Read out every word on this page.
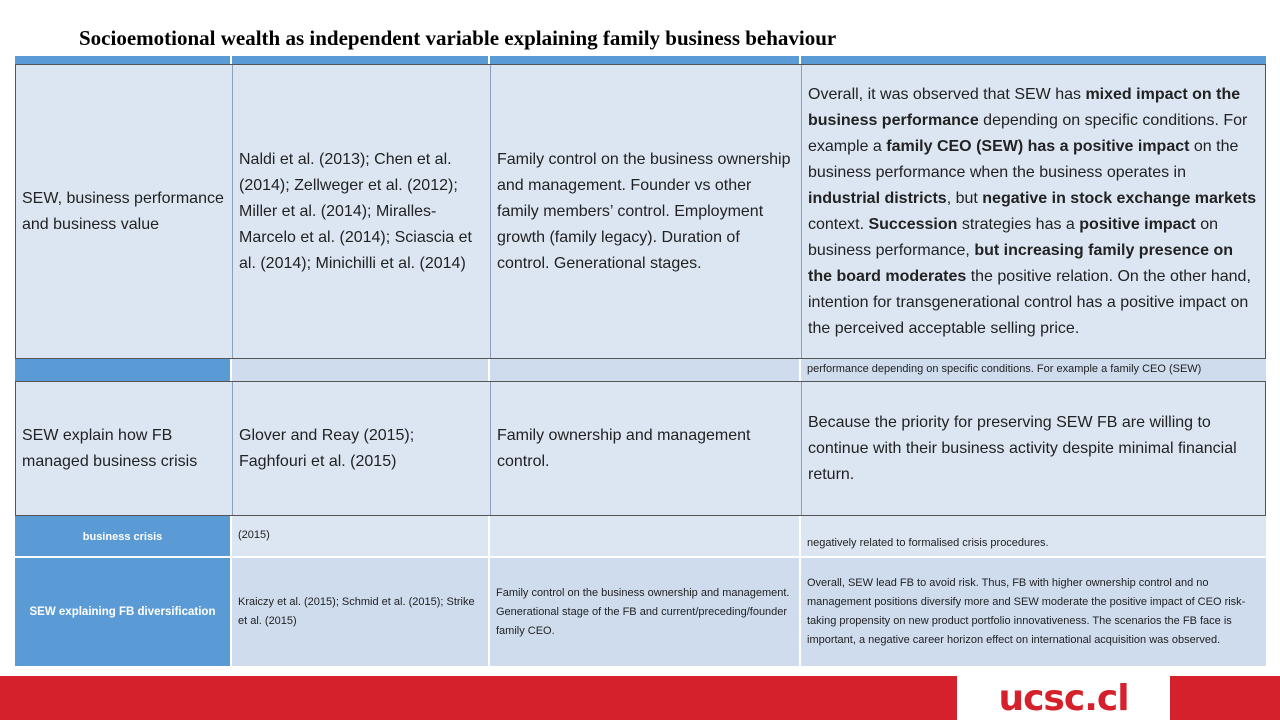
Socioemotional wealth as independent variable explaining family business behaviour

performance depending on specific conditions. For example a family CEO (SEW)

business crisis	(2015)

negatively related to formalised crisis procedures.

SEW explaining FB diversification

Kraiczy et al. (2015); Schmid et al. (2015); Strike et al. (2015)

Family control on the business ownership and management. Generational stage of the FB and current/preceding/founder family CEO.

Overall, SEW lead FB to avoid risk. Thus, FB with higher ownership control and no management positions diversify more and SEW moderate the positive impact of CEO risk-taking propensity on new product portfolio innovativeness. The scenarios the FB face is important, a negative career horizon effect on international acquisition was observed.

SEW, business performance and business value

Naldi et al. (2013); Chen et al. (2014); Zellweger et al. (2012); Miller et al. (2014); Miralles-Marcelo et al. (2014); Sciascia et al. (2014); Minichilli et al. (2014)

Family control on the business ownership and management. Founder vs other family members’ control. Employment growth (family legacy). Duration of control. Generational stages.

Overall, it was observed that SEW has mixed impact on the business performance depending on specific conditions. For example a family CEO (SEW) has a positive impact on the business performance when the business operates in industrial districts, but negative in stock exchange markets context. Succession strategies has a positive impact on business performance, but increasing family presence on the board moderates the positive relation. On the other hand, intention for transgenerational control has a positive impact on the perceived acceptable selling price.

SEW explain how FB managed business crisis

Glover and Reay (2015); Faghfouri et al. (2015)

Family ownership and management control.

Because the priority for preserving SEW FB are willing to continue with their business activity despite minimal financial return.

ucsc.cl
